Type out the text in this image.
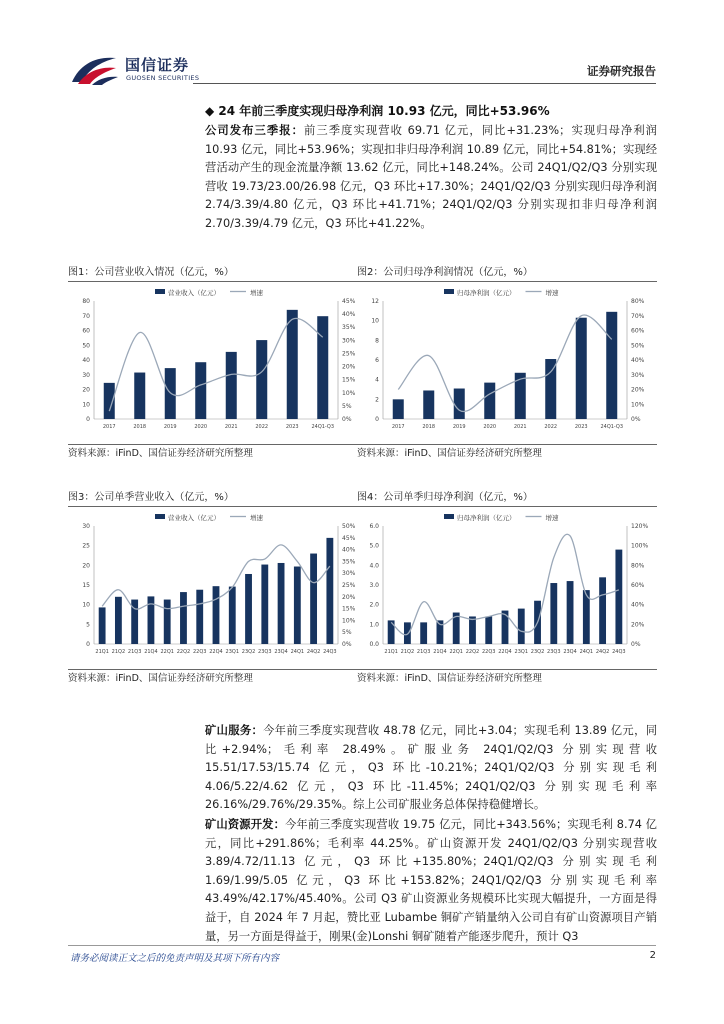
国信证券
GUOSEN SECURITIES	证券研究报告
◆ 24 年前三季度实现归母净利润 10.93 亿元，同比+53.96%
公司发布三季报：前三季度实现营收 69.71 亿元，同比+31.23%；实现归母净利润 10.93 亿元，同比+53.96%；实现扣非归母净利润 10.89 亿元，同比+54.81%；实现经营活动产生的现金流量净额 13.62 亿元，同比+148.24%。公司 24Q1/Q2/Q3 分别实现营收 19.73/23.00/26.98 亿元，Q3 环比+17.30%；24Q1/Q2/Q3 分别实现归母净利润 2.74/3.39/4.80 亿元，Q3 环比+41.71%；24Q1/Q2/Q3 分别实现扣非归母净利润 2.70/3.39/4.79 亿元，Q3 环比+41.22%。
图1：公司营业收入情况（亿元，%）
营业收入（亿元）	增速
0
10
20
30
40
50
60
70
80
0%
5%
10%
15%
20%
25%
30%
35%
40%
45%
2017	2018	2019	2020	2021	2022	2023	24Q1-Q3
资料来源：iFinD、国信证券经济研究所整理
图2：公司归母净利润情况（亿元，%）
归母净利润（亿元）	增速
0
2
4
6
8
10
12
0%
10%
20%
30%
40%
50%
60%
70%
80%
2017	2018	2019	2020	2021	2022	2023	24Q1-Q3
资料来源：iFinD、国信证券经济研究所整理
图3：公司单季营业收入（亿元，%）
营业收入（亿元）	增速
0
5
10
15
20
25
30
0%
5%
10%
15%
20%
25%
30%
35%
40%
45%
50%
21Q1 21Q2 21Q3 21Q4 22Q1 22Q2 22Q3 22Q4 23Q1 23Q2 23Q3 23Q4 24Q1 24Q2 24Q3
资料来源：iFinD、国信证券经济研究所整理
图4：公司单季归母净利润（亿元，%）
归母净利润（亿元）	增速
0.0
1.0
2.0
3.0
4.0
5.0
6.0
0%
20%
40%
60%
80%
100%
120%
21Q1 21Q2 21Q3 21Q4 22Q1 22Q2 22Q3 22Q4 23Q1 23Q2 23Q3 23Q4 24Q1 24Q2 24Q3
资料来源：iFinD、国信证券经济研究所整理
矿山服务：今年前三季度实现营收 48.78 亿元，同比+3.04；实现毛利 13.89 亿元，同比+2.94%；毛利率 28.49%。矿服业务 24Q1/Q2/Q3 分别实现营收 15.51/17.53/15.74 亿元，Q3 环比-10.21%；24Q1/Q2/Q3 分别实现毛利 4.06/5.22/4.62 亿元，Q3 环比-11.45%；24Q1/Q2/Q3 分别实现毛利率 26.16%/29.76%/29.35%。综上公司矿服业务总体保持稳健增长。
矿山资源开发：今年前三季度实现营收 19.75 亿元，同比+343.56%；实现毛利 8.74 亿元，同比+291.86%；毛利率 44.25%。矿山资源开发 24Q1/Q2/Q3 分别实现营收 3.89/4.72/11.13 亿元，Q3 环比+135.80%；24Q1/Q2/Q3 分别实现毛利 1.69/1.99/5.05 亿元，Q3 环比+153.82%；24Q1/Q2/Q3 分别实现毛利率 43.49%/42.17%/45.40%。公司 Q3 矿山资源业务规模环比实现大幅提升，一方面是得益于，自 2024 年 7 月起，赞比亚 Lubambe 铜矿产销量纳入公司自有矿山资源项目产销量，另一方面是得益于，刚果(金)Lonshi 铜矿随着产能逐步爬升，预计 Q3
请务必阅读正文之后的免责声明及其项下所有内容	2
